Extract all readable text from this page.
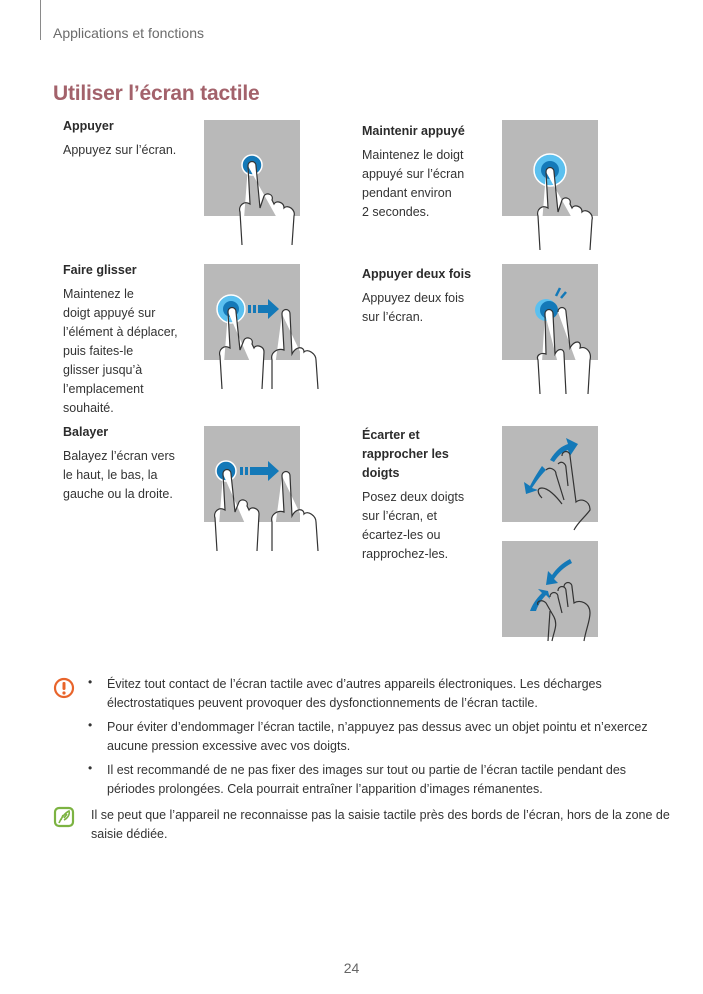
Applications et fonctions
Utiliser l’écran tactile
Appuyer
Appuyez sur l’écran.
Maintenir appuyé
Maintenez le doigt
appuyé sur l’écran
pendant environ
2 secondes.
Faire glisser
Maintenez le
doigt appuyé sur
l’élément à déplacer,
puis faites-le
glisser jusqu’à
l’emplacement
souhaité.
Appuyer deux fois
Appuyez deux fois
sur l’écran.
Balayer
Balayez l’écran vers
le haut, le bas, la
gauche ou la droite.
Écarter et
rapprocher les
doigts
Posez deux doigts
sur l’écran, et
écartez-les ou
rapprochez-les.
• Évitez tout contact de l’écran tactile avec d’autres appareils électroniques. Les décharges
électrostatiques peuvent provoquer des dysfonctionnements de l’écran tactile.
• Pour éviter d’endommager l’écran tactile, n’appuyez pas dessus avec un objet pointu et n’exercez
aucune pression excessive avec vos doigts.
• Il est recommandé de ne pas fixer des images sur tout ou partie de l’écran tactile pendant des
périodes prolongées. Cela pourrait entraîner l’apparition d’images rémanentes.
Il se peut que l’appareil ne reconnaisse pas la saisie tactile près des bords de l’écran, hors de la zone de
saisie dédiée.
24
